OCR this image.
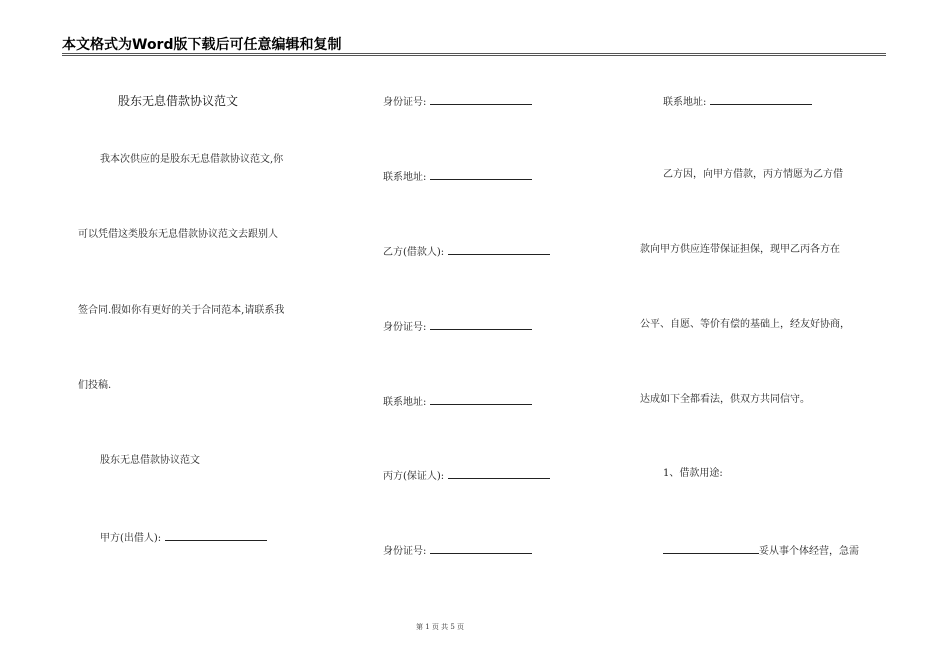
本文格式为Word版下载后可任意编辑和复制
股东无息借款协议范文
我本次供应的是股东无息借款协议范文,你
可以凭借这类股东无息借款协议范文去跟别人
签合同.假如你有更好的关于合同范本,请联系我
们投稿.
股东无息借款协议范文
甲方(出借人):
身份证号:
联系地址:
乙方(借款人):
身份证号:
联系地址:
丙方(保证人):
身份证号:
联系地址:
乙方因，向甲方借款，丙方情愿为乙方借
款向甲方供应连带保证担保，现甲乙丙各方在
公平、自愿、等价有偿的基础上，经友好协商，
达成如下全都看法，供双方共同信守。
1、借款用途:
妥从事个体经营，急需
第 1 页 共 5 页
